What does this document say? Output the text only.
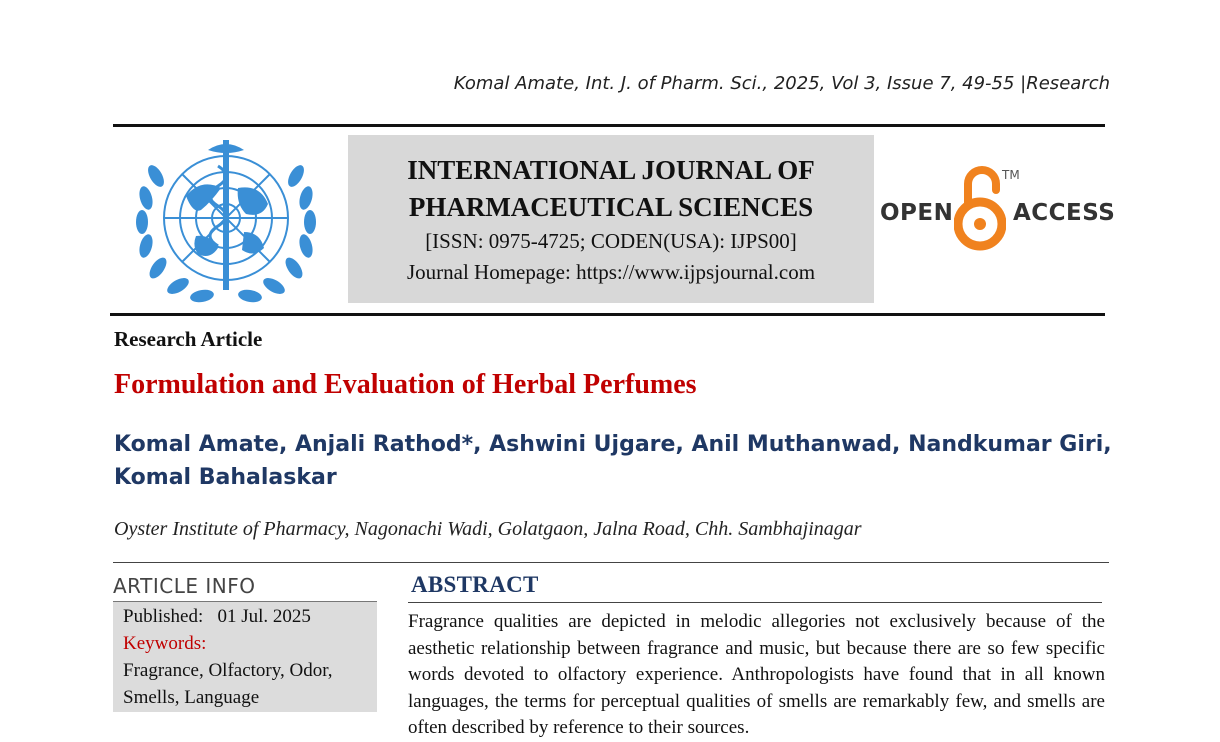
Komal Amate, Int. J. of Pharm. Sci., 2025, Vol 3, Issue 7, 49-55 |Research
INTERNATIONAL JOURNAL OF
PHARMACEUTICAL SCIENCES
[ISSN: 0975-4725; CODEN(USA): IJPS00]
Journal Homepage: https://www.ijpsjournal.com
OPEN
TM
ACCESS
Research Article
Formulation and Evaluation of Herbal Perfumes
Komal Amate, Anjali Rathod*, Ashwini Ujgare, Anil Muthanwad, Nandkumar Giri,
Komal Bahalaskar
Oyster Institute of Pharmacy, Nagonachi Wadi, Golatgaon, Jalna Road, Chh. Sambhajinagar
ARTICLE INFO
Published: 01 Jul. 2025
Keywords:
Fragrance, Olfactory, Odor,
Smells, Language
ABSTRACT
Fragrance qualities are depicted in melodic allegories not exclusively because of the aesthetic relationship between fragrance and music, but because there are so few specific words devoted to olfactory experience. Anthropologists have found that in all known languages, the terms for perceptual qualities of smells are remarkably few, and smells are often described by reference to their sources.
